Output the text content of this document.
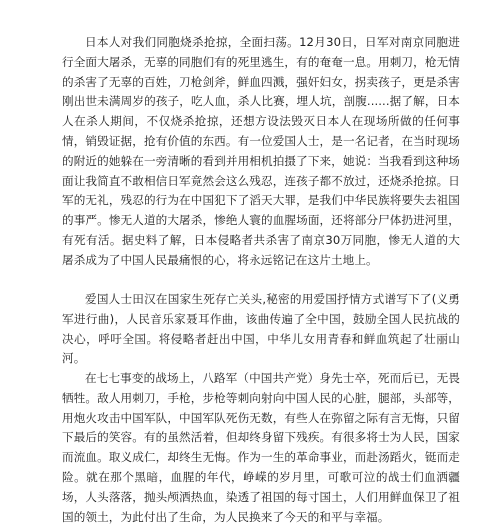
日本人对我们同胞烧杀抢掠，全面扫荡。12月30日，日军对南京同胞进行全面大屠杀，无辜的同胞们有的死里逃生，有的奄奄一息。用刺刀，枪无情的杀害了无辜的百姓，刀枪剑斧，鲜血四溅，强奸妇女，拐卖孩子，更是杀害刚出世未满周岁的孩子，吃人血，杀人比赛，埋人坑，剖腹......据了解，日本人在杀人期间，不仅烧杀抢掠，还想方设法毁灭日本人在现场所做的任何事情，销毁证据，抢有价值的东西。有一位爱国人士，是一名记者，在当时现场的附近的她躲在一旁清晰的看到并用相机拍摄了下来，她说：当我看到这种场面让我简直不敢相信日军竟然会这么残忍，连孩子都不放过，还烧杀抢掠。日军的无礼，残忍的行为在中国犯下了滔天大罪，是我们中华民族将要失去祖国的事严。惨无人道的大屠杀，惨绝人寰的血腥场面，还将部分尸体扔进河里，有死有活。据史料了解，日本侵略者共杀害了南京30万同胞，惨无人道的大屠杀成为了中国人民最痛恨的心，将永远铭记在这片土地上。

爱国人士田汉在国家生死存亡关头,秘密的用爱国抒情方式谱写下了(义勇军进行曲)，人民音乐家聂耳作曲，该曲传遍了全中国，鼓励全国人民抗战的决心，呼吁全国。将侵略者赶出中国，中华儿女用青春和鲜血筑起了壮丽山河。

在七七事变的战场上，八路军（中国共产党）身先士卒，死而后已，无畏牺牲。敌人用刺刀，手枪，步枪等刺向射向中国人民的心脏，腿部，头部等，用炮火攻击中国军队，中国军队死伤无数，有些人在弥留之际有言无悔，只留下最后的笑容。有的虽然活着，但却终身留下残疾。有很多将士为人民，国家而流血。取义成仁，却终生无悔。作为一生的革命事业，而赴汤蹈火，铤而走险。就在那个黑暗，血腥的年代，峥嵘的岁月里，可歌可泣的战士们血洒疆场，人头落落，抛头颅洒热血，染透了祖国的每寸国土，人们用鲜血保卫了祖国的领土，为此付出了生命，为人民换来了今天的和平与幸福。
